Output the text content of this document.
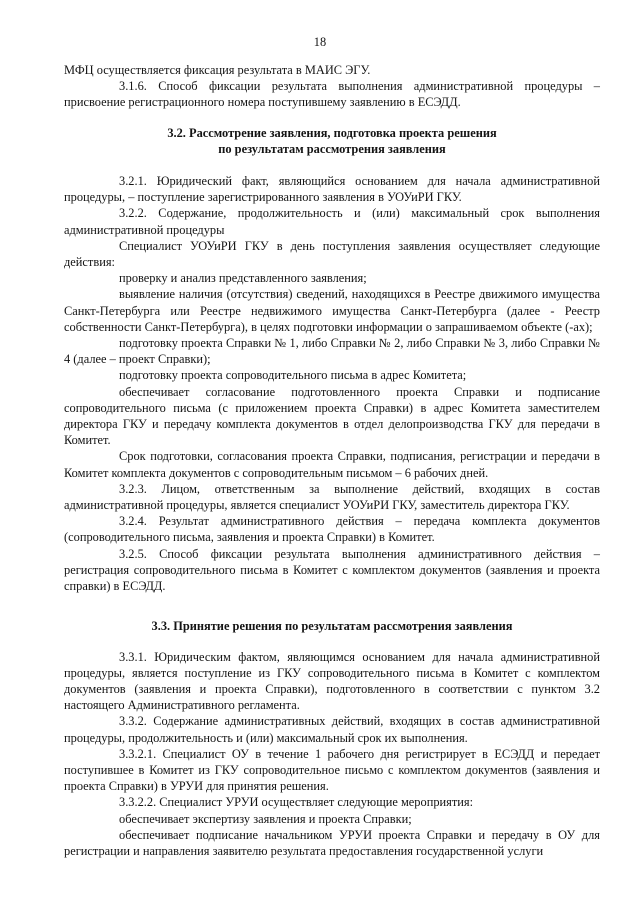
18

МФЦ осуществляется фиксация результата в МАИС ЭГУ.

3.1.6. Способ фиксации результата выполнения административной процедуры – присвоение регистрационного номера поступившему заявлению в ЕСЭДД.

3.2. Рассмотрение заявления, подготовка проекта решения
по результатам рассмотрения заявления

3.2.1. Юридический факт, являющийся основанием для начала административной процедуры, – поступление зарегистрированного заявления в УОУиРИ ГКУ.

3.2.2. Содержание, продолжительность и (или) максимальный срок выполнения административной процедуры

Специалист УОУиРИ ГКУ в день поступления заявления осуществляет следующие действия:

проверку и анализ представленного заявления;

выявление наличия (отсутствия) сведений, находящихся в Реестре движимого имущества Санкт-Петербурга или Реестре недвижимого имущества Санкт-Петербурга (далее - Реестр собственности Санкт-Петербурга), в целях подготовки информации о запрашиваемом объекте (-ах);

подготовку проекта Справки № 1, либо Справки № 2, либо Справки № 3, либо Справки № 4 (далее – проект Справки);

подготовку проекта сопроводительного письма в адрес Комитета;

обеспечивает согласование подготовленного проекта Справки и подписание сопроводительного письма (с приложением проекта Справки) в адрес Комитета заместителем директора ГКУ и передачу комплекта документов в отдел делопроизводства ГКУ для передачи в Комитет.

Срок подготовки, согласования проекта Справки, подписания, регистрации и передачи в Комитет комплекта документов с сопроводительным письмом – 6 рабочих дней.

3.2.3. Лицом, ответственным за выполнение действий, входящих в состав административной процедуры, является специалист УОУиРИ ГКУ, заместитель директора ГКУ.

3.2.4. Результат административного действия – передача комплекта документов (сопроводительного письма, заявления и проекта Справки) в Комитет.

3.2.5. Способ фиксации результата выполнения административного действия – регистрация сопроводительного письма в Комитет с комплектом документов (заявления и проекта справки) в ЕСЭДД.

3.3. Принятие решения по результатам рассмотрения заявления

3.3.1. Юридическим фактом, являющимся основанием для начала административной процедуры, является поступление из ГКУ сопроводительного письма в Комитет с комплектом документов (заявления и проекта Справки), подготовленного в соответствии с пунктом 3.2 настоящего Административного регламента.

3.3.2. Содержание административных действий, входящих в состав административной процедуры, продолжительность и (или) максимальный срок их выполнения.

3.3.2.1. Специалист ОУ в течение 1 рабочего дня регистрирует в ЕСЭДД и передает поступившее в Комитет из ГКУ сопроводительное письмо с комплектом документов (заявления и проекта Справки) в УРУИ для принятия решения.

3.3.2.2. Специалист УРУИ осуществляет следующие мероприятия:

обеспечивает экспертизу заявления и проекта Справки;

обеспечивает подписание начальником УРУИ проекта Справки и передачу в ОУ для регистрации и направления заявителю результата предоставления государственной услуги
